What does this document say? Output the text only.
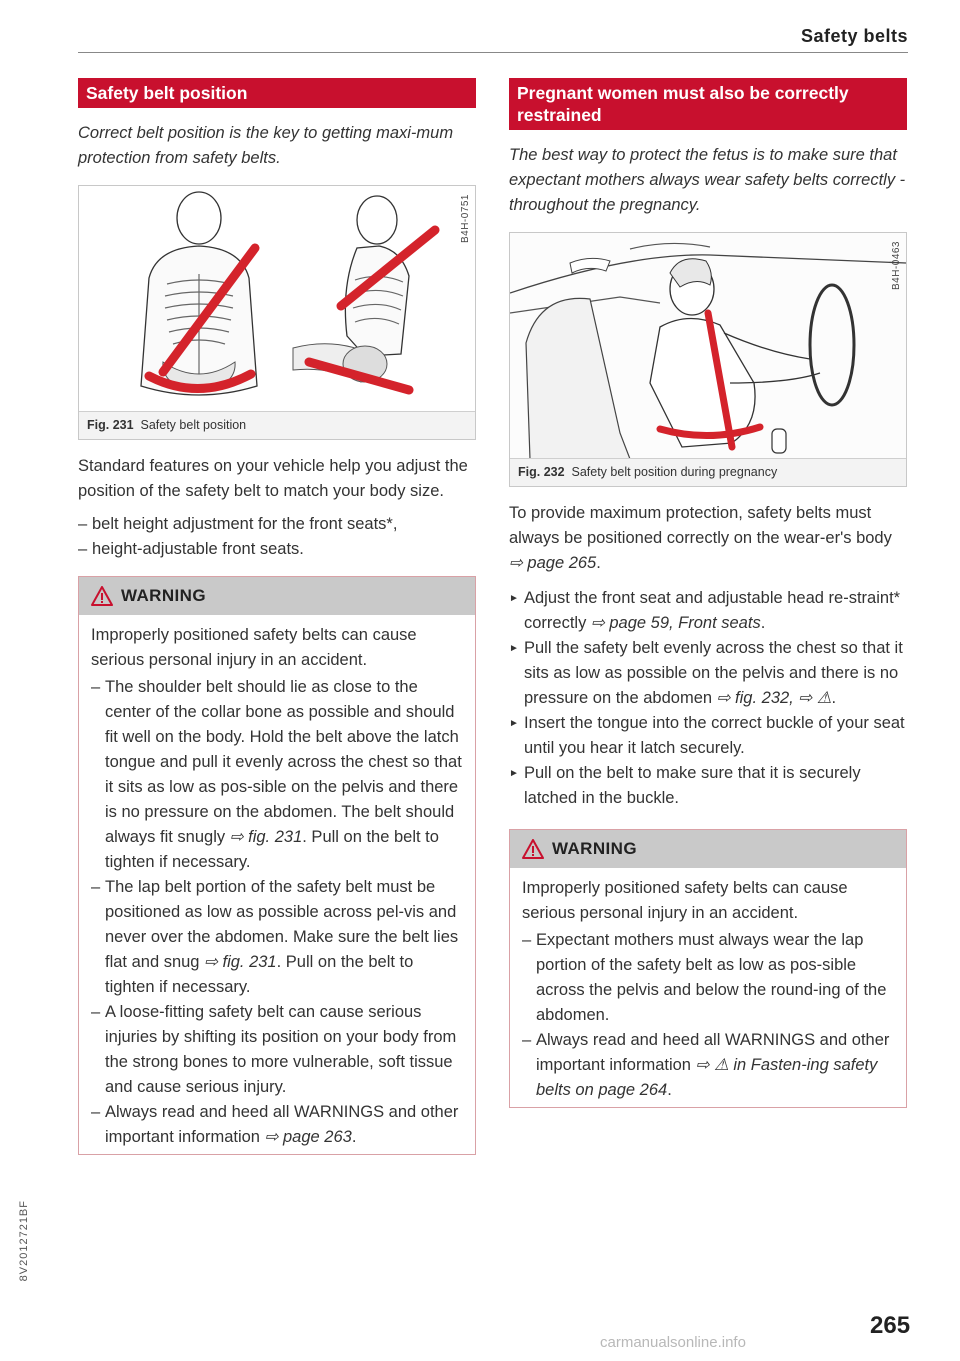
Safety belts
Safety belt position

Correct belt position is the key to getting maxi-mum protection from safety belts.

B4H-0751
Fig. 231 Safety belt position

Standard features on your vehicle help you adjust the position of the safety belt to match your body size.

– belt height adjustment for the front seats*,
– height-adjustable front seats.
WARNING

Improperly positioned safety belts can cause serious personal injury in an accident.

– The shoulder belt should lie as close to the center of the collar bone as possible and should fit well on the body. Hold the belt above the latch tongue and pull it evenly across the chest so that it sits as low as pos-sible on the pelvis and there is no pressure on the abdomen. The belt should always fit snugly ⇨ fig. 231. Pull on the belt to tighten if necessary.
– The lap belt portion of the safety belt must be positioned as low as possible across pel-vis and never over the abdomen. Make sure the belt lies flat and snug ⇨ fig. 231. Pull on the belt to tighten if necessary.
– A loose-fitting safety belt can cause serious injuries by shifting its position on your body from the strong bones to more vulnerable, soft tissue and cause serious injury.
– Always read and heed all WARNINGS and other important information ⇨ page 263.
Pregnant women must also be correctly restrained

The best way to protect the fetus is to make sure that expectant mothers always wear safety belts correctly - throughout the pregnancy.

B4H-0463
Fig. 232 Safety belt position during pregnancy

To provide maximum protection, safety belts must always be positioned correctly on the wear-er's body ⇨ page 265.

► Adjust the front seat and adjustable head re-straint* correctly ⇨ page 59, Front seats.
► Pull the safety belt evenly across the chest so that it sits as low as possible on the pelvis and there is no pressure on the abdomen ⇨ fig. 232, ⇨ ⚠.
► Insert the tongue into the correct buckle of your seat until you hear it latch securely.
► Pull on the belt to make sure that it is securely latched in the buckle.
WARNING

Improperly positioned safety belts can cause serious personal injury in an accident.

– Expectant mothers must always wear the lap portion of the safety belt as low as pos-sible across the pelvis and below the round-ing of the abdomen.
– Always read and heed all WARNINGS and other important information ⇨ ⚠ in Fasten-ing safety belts on page 264.
8V2012721BF
265
carmanualsonline.info
